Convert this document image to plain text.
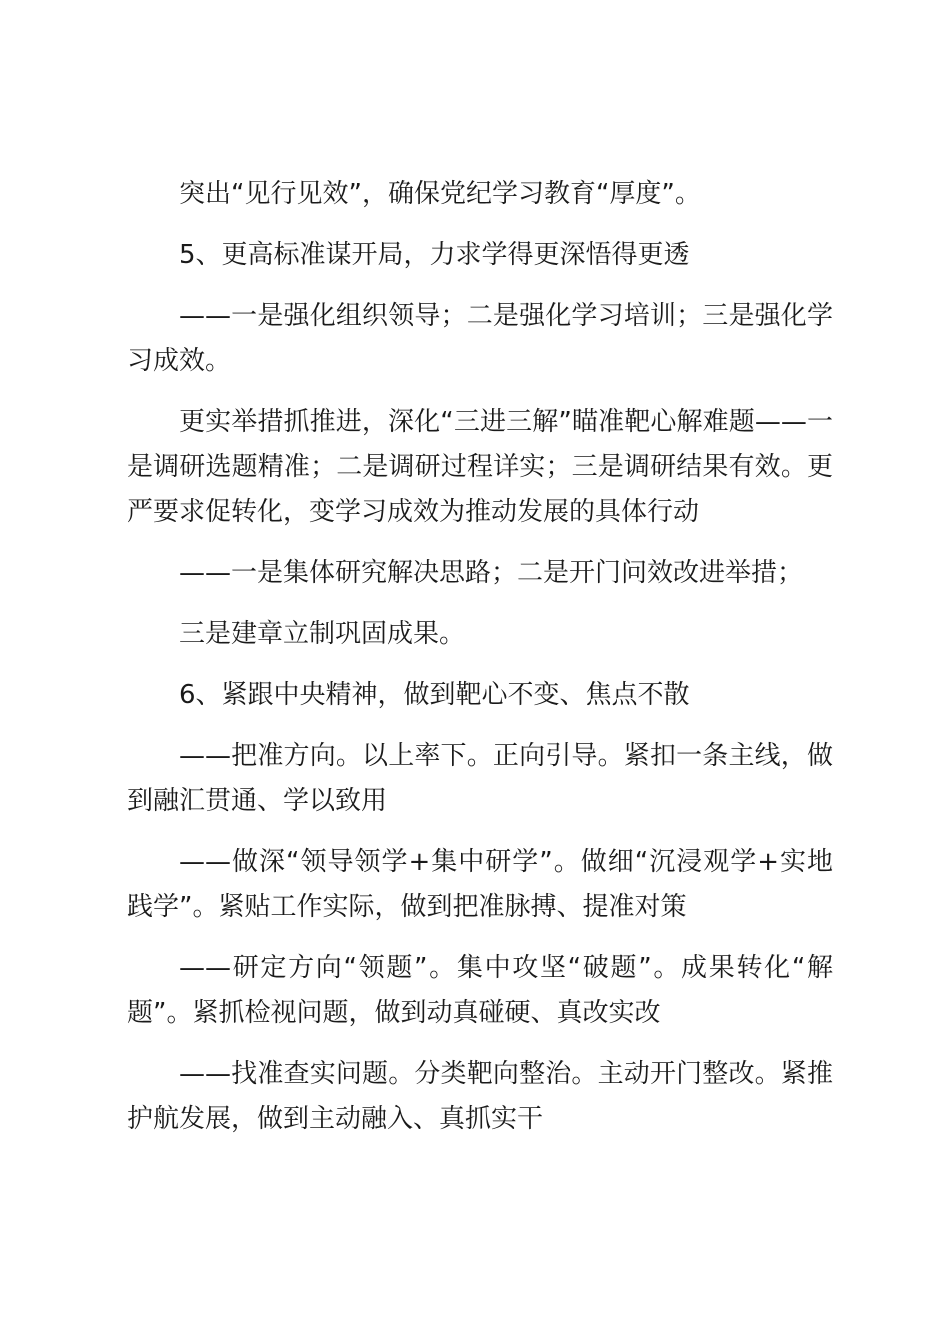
突出“见行见效”，确保党纪学习教育“厚度”。

5、更高标准谋开局，力求学得更深悟得更透

——一是强化组织领导；二是强化学习培训；三是强化学习成效。

更实举措抓推进，深化“三进三解”瞄准靶心解难题——一是调研选题精准；二是调研过程详实；三是调研结果有效。更严要求促转化，变学习成效为推动发展的具体行动

——一是集体研究解决思路；二是开门问效改进举措；

三是建章立制巩固成果。

6、紧跟中央精神，做到靶心不变、焦点不散

——把准方向。以上率下。正向引导。紧扣一条主线，做到融汇贯通、学以致用

——做深“领导领学+集中研学”。做细“沉浸观学+实地践学”。紧贴工作实际，做到把准脉搏、提准对策

——研定方向“领题”。集中攻坚“破题”。成果转化“解题”。紧抓检视问题，做到动真碰硬、真改实改

——找准查实问题。分类靶向整治。主动开门整改。紧推护航发展，做到主动融入、真抓实干
